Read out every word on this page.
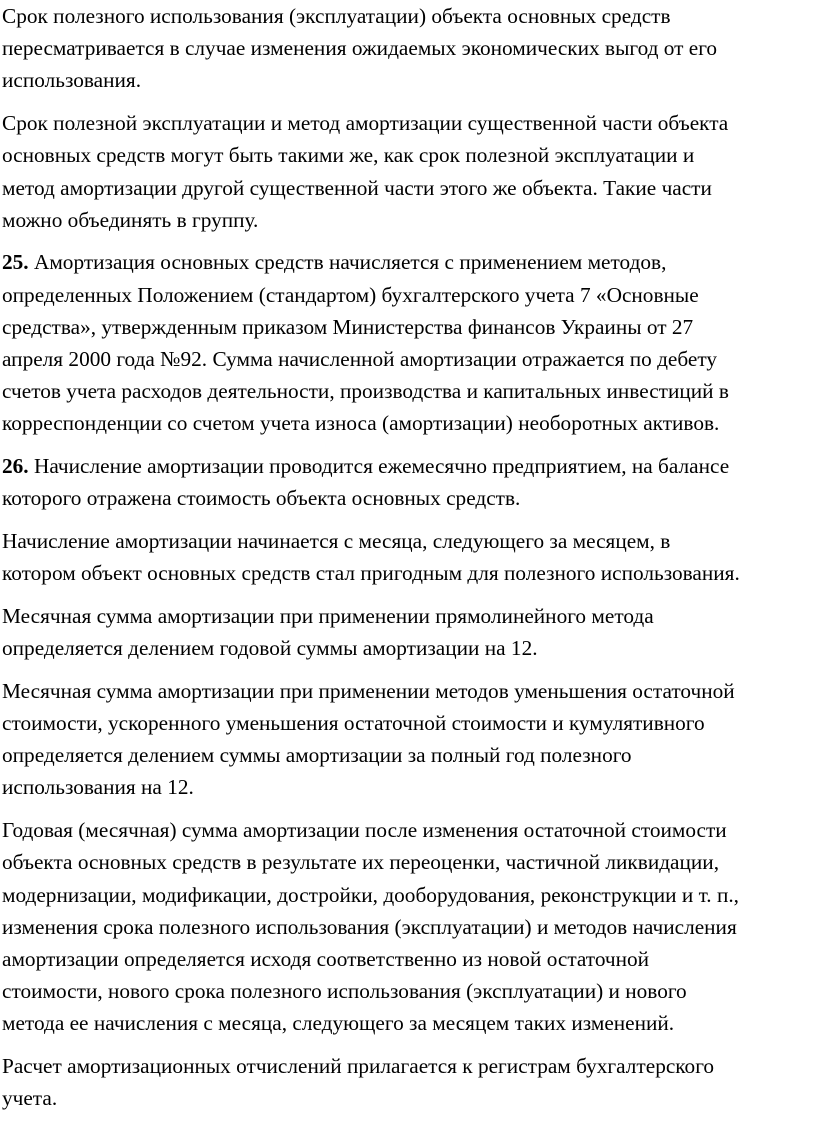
Срок полезного использования (эксплуатации) объекта основных средств
пересматривается в случае изменения ожидаемых экономических выгод от его
использования.

Срок полезной эксплуатации и метод амортизации существенной части объекта
основных средств могут быть такими же, как срок полезной эксплуатации и
метод амортизации другой существенной части этого же объекта. Такие части
можно объединять в группу.

25. Амортизация основных средств начисляется с применением методов,
определенных Положением (стандартом) бухгалтерского учета 7 «Основные
средства», утвержденным приказом Министерства финансов Украины от 27
апреля 2000 года №92. Сумма начисленной амортизации отражается по дебету
счетов учета расходов деятельности, производства и капитальных инвестиций в
корреспонденции со счетом учета износа (амортизации) необоротных активов.

26. Начисление амортизации проводится ежемесячно предприятием, на балансе
которого отражена стоимость объекта основных средств.

Начисление амортизации начинается с месяца, следующего за месяцем, в
котором объект основных средств стал пригодным для полезного использования.

Месячная сумма амортизации при применении прямолинейного метода
определяется делением годовой суммы амортизации на 12.

Месячная сумма амортизации при применении методов уменьшения остаточной
стоимости, ускоренного уменьшения остаточной стоимости и кумулятивного
определяется делением суммы амортизации за полный год полезного
использования на 12.

Годовая (месячная) сумма амортизации после изменения остаточной стоимости
объекта основных средств в результате их переоценки, частичной ликвидации,
модернизации, модификации, достройки, дооборудования, реконструкции и т. п.,
изменения срока полезного использования (эксплуатации) и методов начисления
амортизации определяется исходя соответственно из новой остаточной
стоимости, нового срока полезного использования (эксплуатации) и нового
метода ее начисления с месяца, следующего за месяцем таких изменений.

Расчет амортизационных отчислений прилагается к регистрам бухгалтерского
учета.
